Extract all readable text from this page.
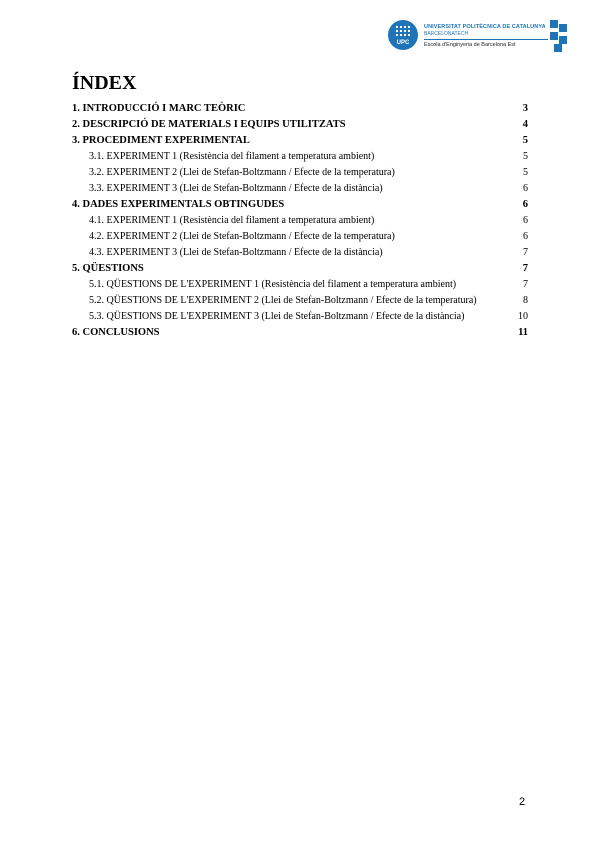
UPC
UNIVERSITAT POLITÈCNICA DE CATALUNYA
BARCELONATECH
Escola d'Enginyeria de Barcelona Est
ÍNDEX
1. INTRODUCCIÓ I MARC TEÒRIC	3
2. DESCRIPCIÓ DE MATERIALS I EQUIPS UTILITZATS	4
3. PROCEDIMENT EXPERIMENTAL	5
3.1. EXPERIMENT 1 (Resistència del filament a temperatura ambient)	5
3.2. EXPERIMENT 2 (Llei de Stefan-Boltzmann / Efecte de la temperatura)	5
3.3. EXPERIMENT 3 (Llei de Stefan-Boltzmann / Efecte de la distància)	6
4. DADES EXPERIMENTALS OBTINGUDES	6
4.1. EXPERIMENT 1 (Resistència del filament a temperatura ambient)	6
4.2. EXPERIMENT 2 (Llei de Stefan-Boltzmann / Efecte de la temperatura)	6
4.3. EXPERIMENT 3 (Llei de Stefan-Boltzmann / Efecte de la distància)	7
5. QÜESTIONS	7
5.1. QÜESTIONS DE L'EXPERIMENT 1 (Resistència del filament a temperatura ambient)	7
5.2. QÜESTIONS DE L'EXPERIMENT 2 (Llei de Stefan-Boltzmann / Efecte de la temperatura)	8
5.3. QÜESTIONS DE L'EXPERIMENT 3 (Llei de Stefan-Boltzmann / Efecte de la distància)	10
6. CONCLUSIONS	11
2
